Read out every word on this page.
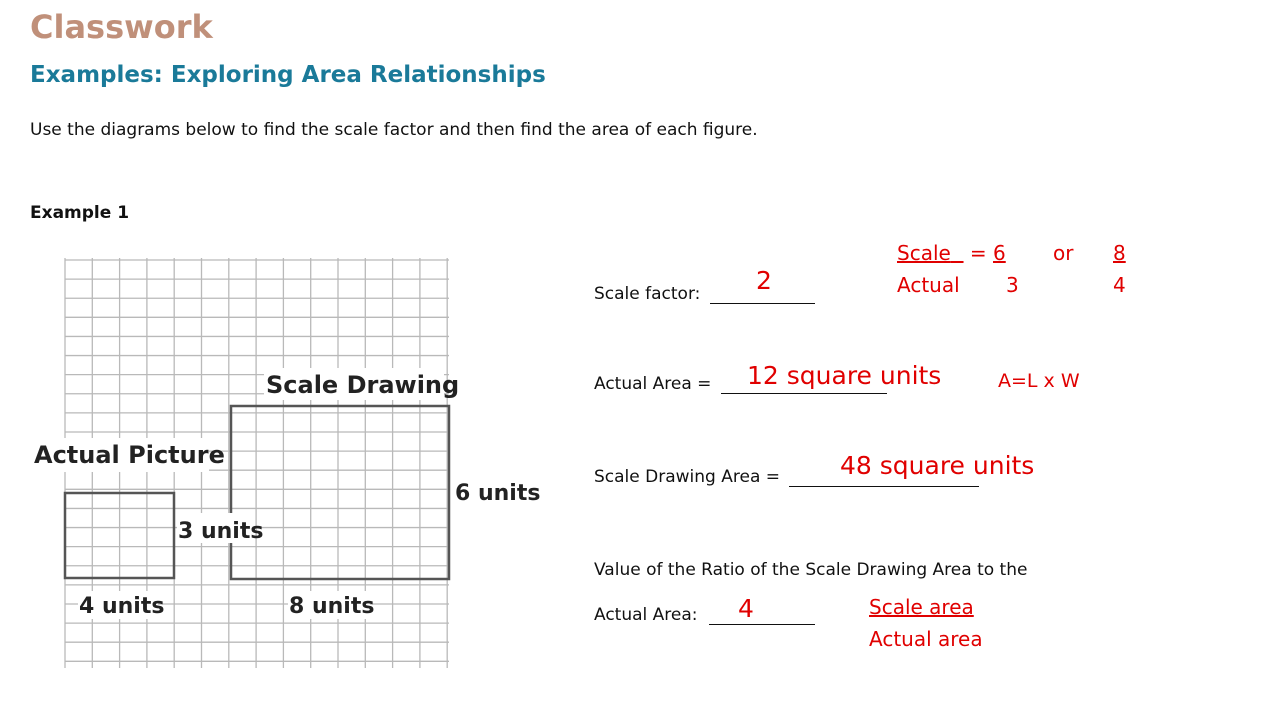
Classwork
Examples: Exploring Area Relationships
Use the diagrams below to find the scale factor and then find the area of each figure.
Example 1
Scale Drawing
Actual Picture
3 units
6 units
4 units	8 units
Scale factor:	2
Actual Area =	12 square units	A=L x W
Scale Drawing Area =	48 square units
Value of the Ratio of the Scale Drawing Area to the
Actual Area:	4	Scale area
Actual area
Scale = 6 or 8
Actual 3	4
